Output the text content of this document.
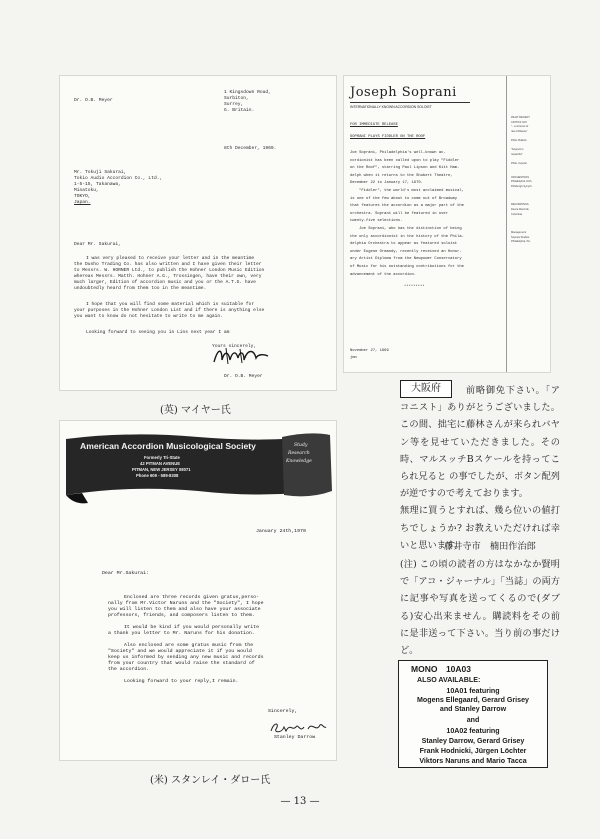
Dr. O.B. Meyer
1 Kingsdown Road,
Surbiton,
Surrey,
G. Britain.
8th December, 1969.
Mr. Tokuji Sakurai,
Tokio Audio Accordion Co., Ltd.,
1-5-15, Takanawa,
Minatoku,
TOKYO,
Japan.
Dear Mr. Sakurai,
I was very pleased to receive your letter and in the meantime
the Dusho Trading Co. has also written and I have given their letter
to Messrs. W. HORNER Ltd., to publish the Hohner London Music Edition
whereas Messrs. Matth. Hohner A.G., Trossingen, have their own, very
much larger, Edition of accordion music and you or the A.T.G. have
undoubtedly heard from them too in the meantime.
I hope that you will find some material which is suitable for
your purposes in the Hohner London List and if there is anything else
you want to know do not hesitate to write to me again.
Looking forward to seeing you in Lins next year I am
Yours sincerely,
Dr. O.B. Meyer
(英) マイヤー氏
Joseph Soprani
INTERNATIONALLY KNOWN ACCORDION SOLOIST
FOR IMMEDIATE RELEASE
SOPRANI PLAYS FIDDLER ON THE ROOF
*********
November 27, 1969
jmn
WHAT RECENT
CRITICS SAY
"...a virtuoso of
rare brilliance"
Phila. Bulletin
"Soprani is
masterful"
Phila. Inquirer
ORCHESTRAS
Philadelphia Orch.
Pittsburgh Symph.
RECORDINGS
Decca Records
Columbia
Management
Soprani Studios
Philadelphia, Pa.
Joe Soprani, Philadelphia's well-known ac-
cordionist has been called upon to play "Fiddler
on the Roof", starring Paul Lipson and Kitt Ham-
delph when it returns to the Shubert Theatre,
December 22 to January 17, 1970.
"Fiddler", the world's most acclaimed musical,
is one of the few about to come out of Broadway
that features the accordion as a major part of the
orchestra. Soprani will be featured in over
twenty-five selections.
Joe Soprani, who has the distinction of being
the only accordionist in the history of the Phila-
delphia Orchestra to appear as featured soloist
under Eugene Ormandy, recently received an Honor-
ary Artist Diploma from the Newpower Conservatory
of Music for his outstanding contributions for the
advancement of the accordion.
American Accordion Musicological Society
Formerly Tri-State
42 PITMAN AVENUE
PITMAN, NEW JERSEY 08071
Phone 609 - 589-8308
Study
Research
Knowledge
January 24th,1970
Dear Mr.Sakurai:
Enclosed are three records given gratus,perso-
nally from Mr.Victor Naruns and the "Society", I hope
you will listen to them and also have your associate
professors, friends, and composers listen to them.
It would be kind if you would personally write
a thank you letter to Mr. Naruns for his donation.
Also enclosed are some gratus music from the
"Society" and we would appreciate it if you would
keep us informed by sending any new music and records
from your country that would raise the standard of
the accordion.
Looking forward to your reply,I remain.
Sincerely,
Stanley Darrow
(米) スタンレイ・ダロー氏
大阪府	前略御免下さい。「アコニスト」ありがとうございました。この間、拙宅に藤林さんが来られバヤン等を見せていただきました。その時、マルスッチBスケールを持ってこられ兄ると の事でしたが、ボタン配列が逆ですので考えております。

無理に買うとすれば、幾ら位いの値打ちでしょうか? お教えいただければ幸いと思います。

藤井寺市　楠田作治郎

(注) この頃の読者の方はなかなか賢明で「アコ・ジャーナル」「当誌」の両方に記事や写真を送ってくるので(ダブる)安心出来ません。購読料をその前に是非送って下さい。当り前の事だけど。

MONO　10A03
ALSO AVAILABLE:
10A01 featuring
Mogens Ellegaard, Gerard Grisey
and Stanley Darrow
and
10A02 featuring
Stanley Darrow, Gerard Grisey
Frank Hodnicki, Jürgen Löchter
Viktors Naruns and Mario Tacca
— 13 —
